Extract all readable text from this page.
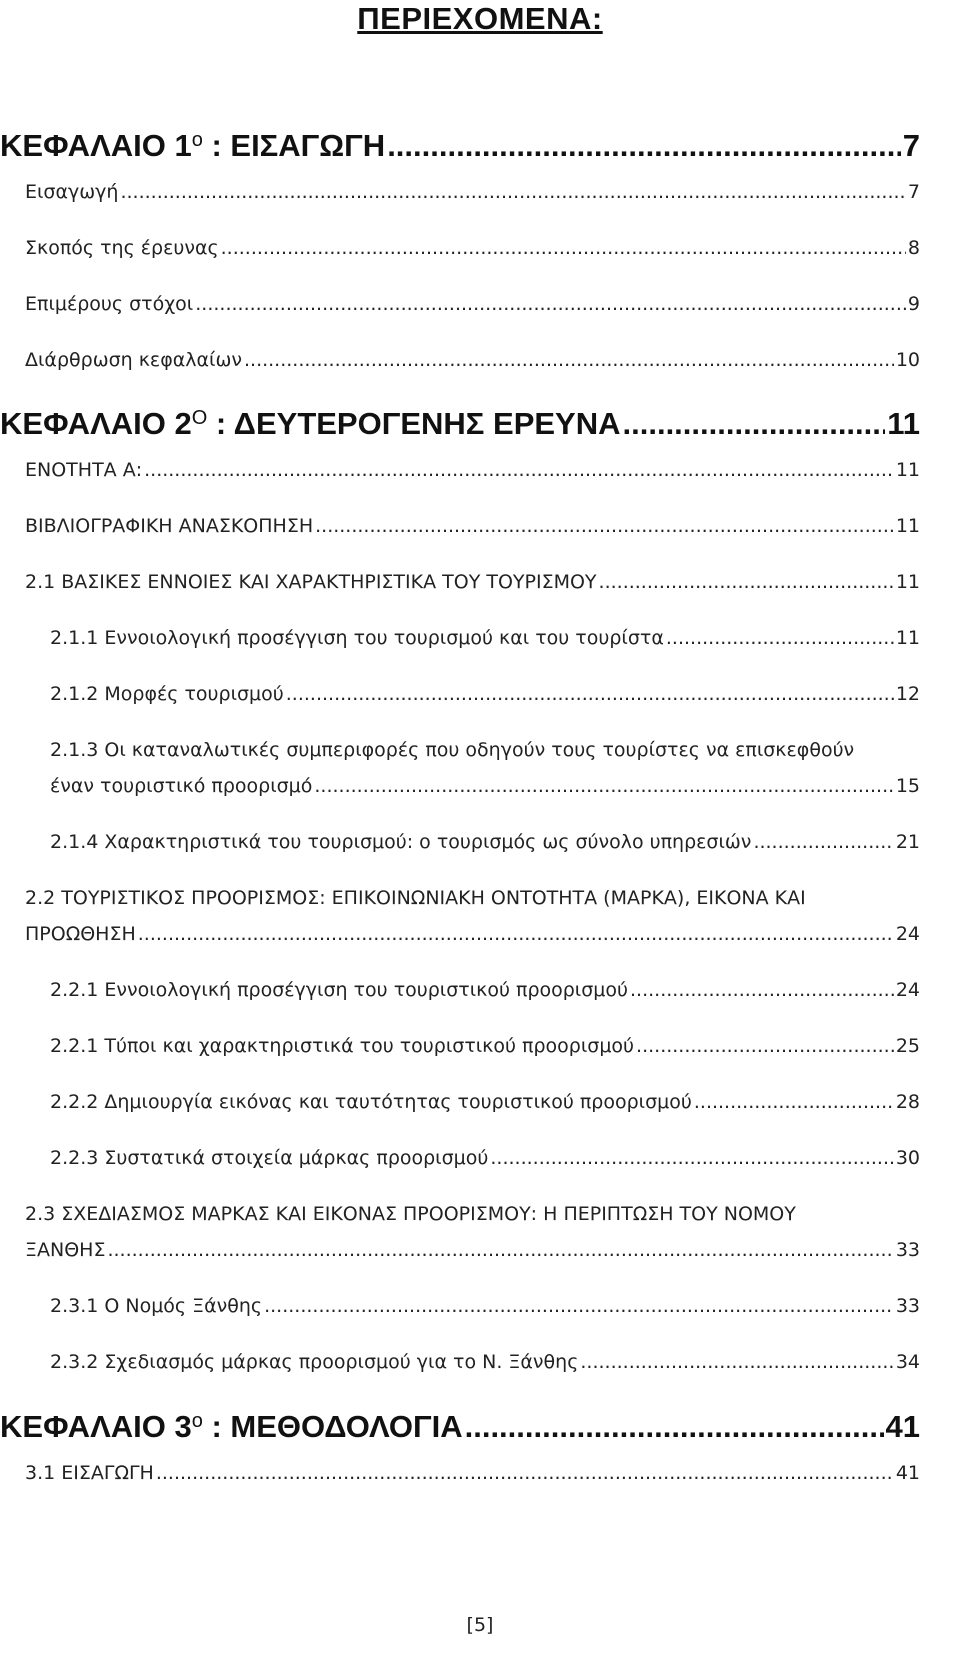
ΠΕΡΙΕΧΟΜΕΝΑ:
ΚΕΦΑΛΑΙΟ $1^o$ : ΕΙΣΑΓΩΓΗ .....	7
Εισαγωγή .....	7
Σκοπός της έρευνας .....	8
Επιμέρους στόχοι .....	9
Διάρθρωση κεφαλαίων .....	10
ΚΕΦΑΛΑΙΟ $2^O$ : ΔΕΥΤΕΡΟΓΕΝΗΣ ΕΡΕΥΝΑ .....	11
ΕΝΟΤΗΤΑ Α: .....	11
ΒΙΒΛΙΟΓΡΑΦΙΚΗ ΑΝΑΣΚΟΠΗΣΗ .....	11
2.1 ΒΑΣΙΚΕΣ ΕΝΝΟΙΕΣ ΚΑΙ ΧΑΡΑΚΤΗΡΙΣΤΙΚΑ ΤΟΥ ΤΟΥΡΙΣΜΟΥ .....	11
2.1.1 Εννοιολογική προσέγγιση του τουρισμού και του τουρίστα .....	11
2.1.2 Μορφές τουρισμού .....	12
2.1.3 Οι καταναλωτικές συμπεριφορές που οδηγούν τους τουρίστες να επισκεφθούν
έναν τουριστικό προορισμό .....	15
2.1.4 Χαρακτηριστικά του τουρισμού: ο τουρισμός ως σύνολο υπηρεσιών .....	21
2.2 ΤΟΥΡΙΣΤΙΚΟΣ ΠΡΟΟΡΙΣΜΟΣ: ΕΠΙΚΟΙΝΩΝΙΑΚΗ ΟΝΤΟΤΗΤΑ (ΜΑΡΚΑ), ΕΙΚΟΝΑ ΚΑΙ
ΠΡΟΩΘΗΣΗ .....	24
2.2.1 Εννοιολογική προσέγγιση του τουριστικού προορισμού .....	24
2.2.1 Τύποι και χαρακτηριστικά του τουριστικού προορισμού .....	25
2.2.2 Δημιουργία εικόνας και ταυτότητας τουριστικού προορισμού .....	28
2.2.3 Συστατικά στοιχεία μάρκας προορισμού .....	30
2.3 ΣΧΕΔΙΑΣΜΟΣ ΜΑΡΚΑΣ ΚΑΙ ΕΙΚΟΝΑΣ ΠΡΟΟΡΙΣΜΟΥ: Η ΠΕΡΙΠΤΩΣΗ ΤΟΥ ΝΟΜΟΥ
ΞΑΝΘΗΣ .....	33
2.3.1 Ο Νομός Ξάνθης .....	33
2.3.2 Σχεδιασμός μάρκας προορισμού για το Ν. Ξάνθης .....	34
ΚΕΦΑΛΑΙΟ $3^o$ : ΜΕΘΟΔΟΛΟΓΙΑ .....	41
3.1 ΕΙΣΑΓΩΓΗ .....	41
[5]
